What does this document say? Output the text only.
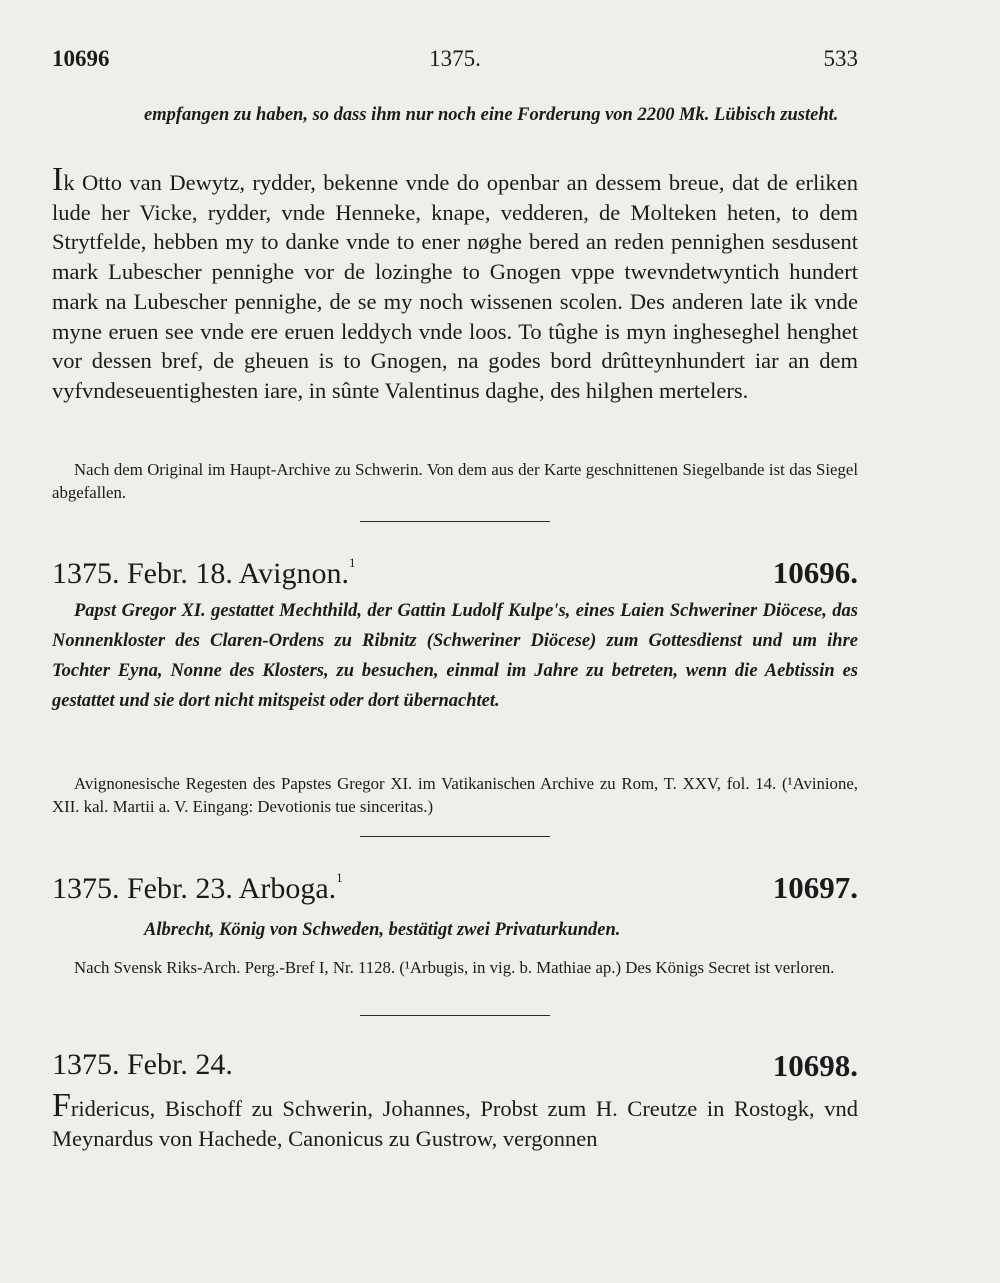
10696	1375.	533
empfangen zu haben, so dass ihm nur noch eine Forderung von 2200 Mk. Lübisch zusteht.
Ik Otto van Dewytz, rydder, bekenne vnde do openbar an dessem breue, dat de erliken lude her Vicke, rydder, vnde Henneke, knape, vedderen, de Molteken heten, to dem Strytfelde, hebben my to danke vnde to ener nøghe bered an reden pennighen sesdusent mark Lubescher pennighe vor de lozinghe to Gnogen vppe twevndetwyntich hundert mark na Lubescher pennighe, de se my noch wissenen scolen. Des anderen late ik vnde myne eruen see vnde ere eruen leddych vnde loos. To tûghe is myn ingheseghel henghet vor dessen bref, de gheuen is to Gnogen, na godes bord drûtteynhundert iar an dem vyfvndeseuentighesten iare, in sûnte Valentinus daghe, des hilghen mertelers.
Nach dem Original im Haupt-Archive zu Schwerin. Von dem aus der Karte geschnittenen Siegelbande ist das Siegel abgefallen.
1375. Febr. 18. Avignon.$^1$	10696.
Papst Gregor XI. gestattet Mechthild, der Gattin Ludolf Kulpe's, eines Laien Schweriner Diöcese, das Nonnenkloster des Claren-Ordens zu Ribnitz (Schweriner Diöcese) zum Gottesdienst und um ihre Tochter Eyna, Nonne des Klosters, zu besuchen, einmal im Jahre zu betreten, wenn die Aebtissin es gestattet und sie dort nicht mitspeist oder dort übernachtet.
Avignonesische Regesten des Papstes Gregor XI. im Vatikanischen Archive zu Rom, T. XXV, fol. 14. (¹Avinione, XII. kal. Martii a. V. Eingang: Devotionis tue sinceritas.)
1375. Febr. 23. Arboga.$^1$	10697.
Albrecht, König von Schweden, bestätigt zwei Privaturkunden.
Nach Svensk Riks-Arch. Perg.-Bref I, Nr. 1128. (¹Arbugis, in vig. b. Mathiae ap.) Des Königs Secret ist verloren.
1375. Febr. 24.	10698.
Fridericus, Bischoff zu Schwerin, Johannes, Probst zum H. Creutze in Rostogk, vnd Meynardus von Hachede, Canonicus zu Gustrow, vergonnen
